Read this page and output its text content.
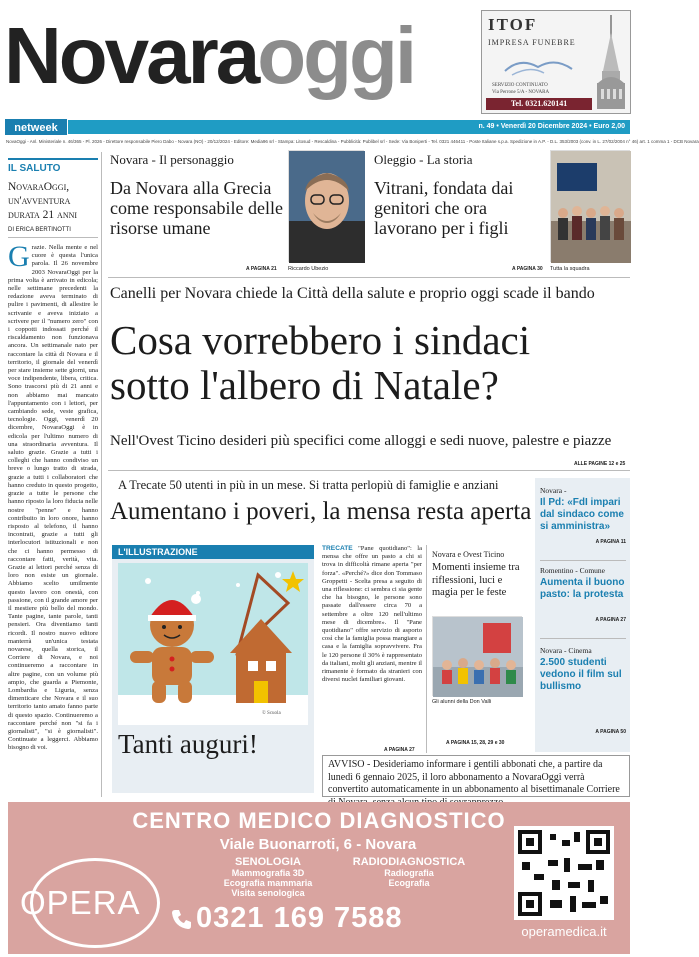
Novaraoggi	ITOF
IMPRESA FUNEBRE
SERVIZIO CONTINUATO
Via Perrone 5/A - NOVARA
Tel. 0321.620141
netweek	n. 49 • Venerdì 20 Dicembre 2024 • Euro 2,00
NovaOggi - Anl. Ministeriale n. 46/365 - Pl. 2026 - Direttore responsabile Piero Dabo - Novara (NO) - 20/12/2024 - Editore: Media96 srl - Stampa: Litosud - Rescaldina - Pubblicità: Publibel srl - Sede: Via Boniperti - Tel. 0321 446411 - Poste Italiane s.p.a. Spedizione in A.P. - D.L. 353/2003 (conv. in L. 27/02/2004 n° 46) art. 1 comma 1 - DCB Novara
IL SALUTO
NovaraOggi, un'avventura durata 21 anni
DI ERICA BERTINOTTI
Grazie. Nella mente e nel cuore è questa l'unica parola. Il 26 novembre 2003 NovaraOggi per la prima volta è arrivato in edicola; nelle settimane precedenti la redazione aveva terminato di pulire i pavimenti, di allestire le scrivanie e aveva iniziato a scrivere per il "numero zero" con i coppotti indossati perché il riscaldamento non funzionava ancora. Un settimanale nato per raccontare la città di Novara e il territorio, il giornale del venerdì per stare insieme sette giorni, una voce indipendente, libera, critica. Sono trascorsi più di 21 anni e non abbiamo mai mancato l'appuntamento con i lettori, per cambiando sede, veste grafica, tecnologie. Oggi, venerdì 20 dicembre, NovaraOggi è in edicola per l'ultimo numero di una straordinaria avventura. Il saluto grazie. Grazie a tutti i colleghi che hanno condiviso un breve o lungo tratto di strada, grazie a tutti i collaboratori che hanno creduto in questo progetto, grazie a tutte le persone che hanno riposto la loro fiducia nelle nostre "penne" e hanno contribuito in loro onore, hanno risposto al telefono, il hanno incontrati, grazie a tutti gli interlocutori istituzionali e non che ci hanno permesso di raccontare fatti, verità, vita. Grazie ai lettori perché senza di loro non esiste un giornale. Abbiamo scelto umilmente questo lavoro con onestà, con passione, con il grande amore per il mestiere più bello del mondo. Tante pagine, tante parole, tanti pensieri. Ora diventiamo tanti ricordi. Il nostro nuovo editore manterrà un'unica testata novarese, quella storica, il Corriere di Novara, e noi continueremo a raccontare in altre pagine, con un volume più ampio, che guarda a Piemonte, Lombardia e Liguria, senza dimenticare che Novara e il suo territorio tanto amato fanno parte di questo spazio. Continueremo a raccontare perché non "si fa i giornalisti", "si è giornalisti". Continuate a leggerci. Abbiamo bisogno di voi.
Novara - Il personaggio
Da Novara alla Grecia come responsabile delle risorse umane
A PAGINA 21 Riccardo Ubezio
Oleggio - La storia
Vitrani, fondata dai genitori che ora lavorano per i figli
A PAGINA 30 Tutta la squadra
Canelli per Novara chiede la Città della salute e proprio oggi scade il bando
Cosa vorrebbero i sindaci
sotto l'albero di Natale?
Nell'Ovest Ticino desideri più specifici come alloggi e sedi nuove, palestre e piazze
ALLE PAGINE 12 e 25
A Trecate 50 utenti in più in un mese. Si tratta perlopiù di famiglie e anziani
Aumentano i poveri, la mensa resta aperta
L'ILLUSTRAZIONE
© Scuola
Tanti auguri!
TRECATE "Pane quotidiano": la mensa che offre un pasto a chi si trova in difficoltà rimane aperta "per forza". «Perché?» dice don Tommaso Groppetti - Scelta presa a seguito di una riflessione: ci sembra ci sia gente che ha bisogno, le persone sono passate dall'essere circa 70 a settembre a oltre 120 nell'ultimo mese di dicembre». Il "Pane quotidiano" offre servizio di asporto così che la famiglia possa mangiare a casa e la famiglia sopravvivere. Fra le 120 persone il 30% è rappresentato da italiani, molti gli anziani, mentre il rimanente è formato da stranieri con diversi nuclei familiari giovani.
A PAGINA 27
Novara e Ovest Ticino
Momenti insieme tra riflessioni, luci e magia per le feste
Gli alunni della Don Valli
A PAGINA 15, 28, 29 e 30
Novara -
Il Pd: «FdI impari dal sindaco come si amministra»
A PAGINA 11
Romentino - Comune
Aumenta il buono pasto: la protesta
A PAGINA 27
Novara - Cinema
2.500 studenti vedono il film sul bullismo
A PAGINA 50
AVVISO - Desideriamo informare i gentili abbonati che, a partire da lunedì 6 gennaio 2025, il loro abbonamento a NovaraOggi verrà convertito automaticamente in un abbonamento al bisettimanale Corriere
CENTRO MEDICO DIAGNOSTICO
Viale Buonarroti, 6 - Novara
OPERA
SENOLOGIA
Mammografia 3D
Ecografia mammaria
Visita senologica
RADIODIAGNOSTICA
Radiografia
Ecografia
0321 169 7588	operamedica.it
